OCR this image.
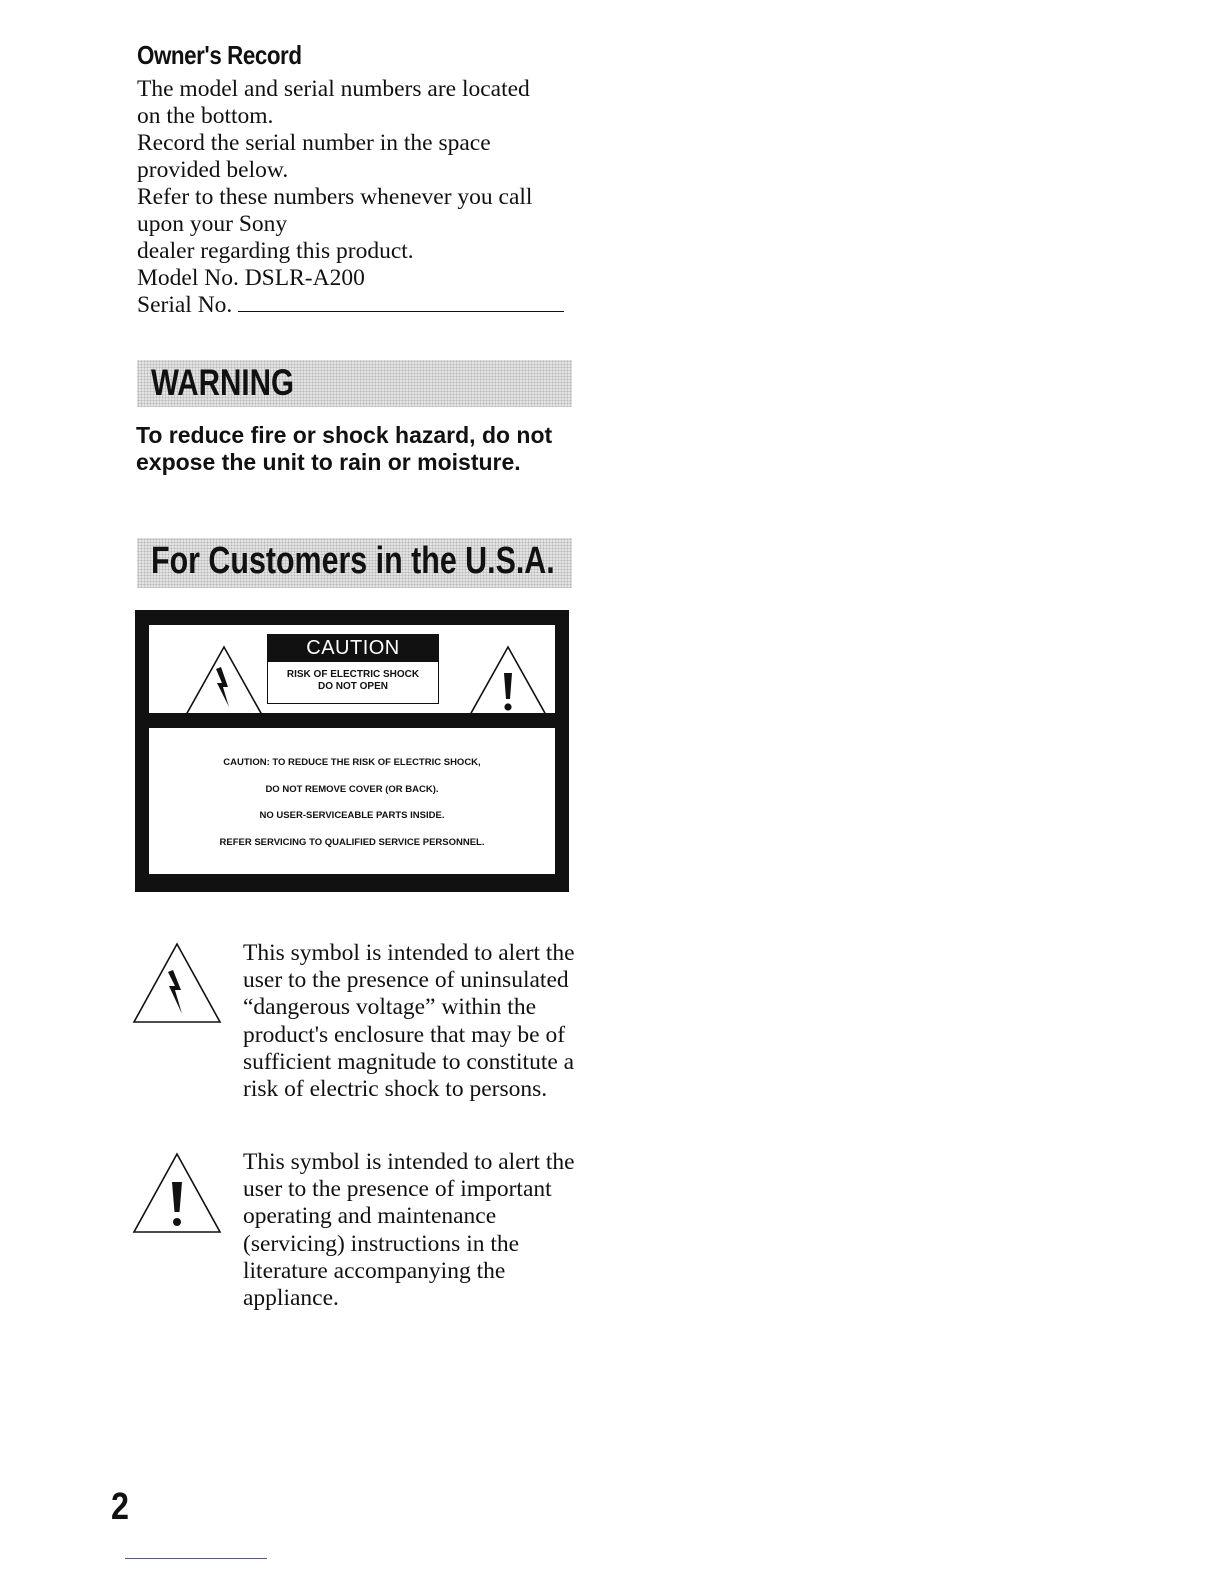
Owner's Record
The model and serial numbers are located
on the bottom.
Record the serial number in the space
provided below.
Refer to these numbers whenever you call
upon your Sony
dealer regarding this product.
Model No. DSLR-A200
Serial No.
WARNING

To reduce fire or shock hazard, do not expose the unit to rain or moisture.

For Customers in the U.S.A.
CAUTION
RISK OF ELECTRIC SHOCK
DO NOT OPEN
CAUTION: TO REDUCE THE RISK OF ELECTRIC SHOCK,
DO NOT REMOVE COVER (OR BACK).
NO USER-SERVICEABLE PARTS INSIDE.
REFER SERVICING TO QUALIFIED SERVICE PERSONNEL.

This symbol is intended to alert the user to the presence of uninsulated “dangerous voltage” within the product's enclosure that may be of sufficient magnitude to constitute a risk of electric shock to persons.

This symbol is intended to alert the user to the presence of important operating and maintenance (servicing) instructions in the literature accompanying the appliance.

2
